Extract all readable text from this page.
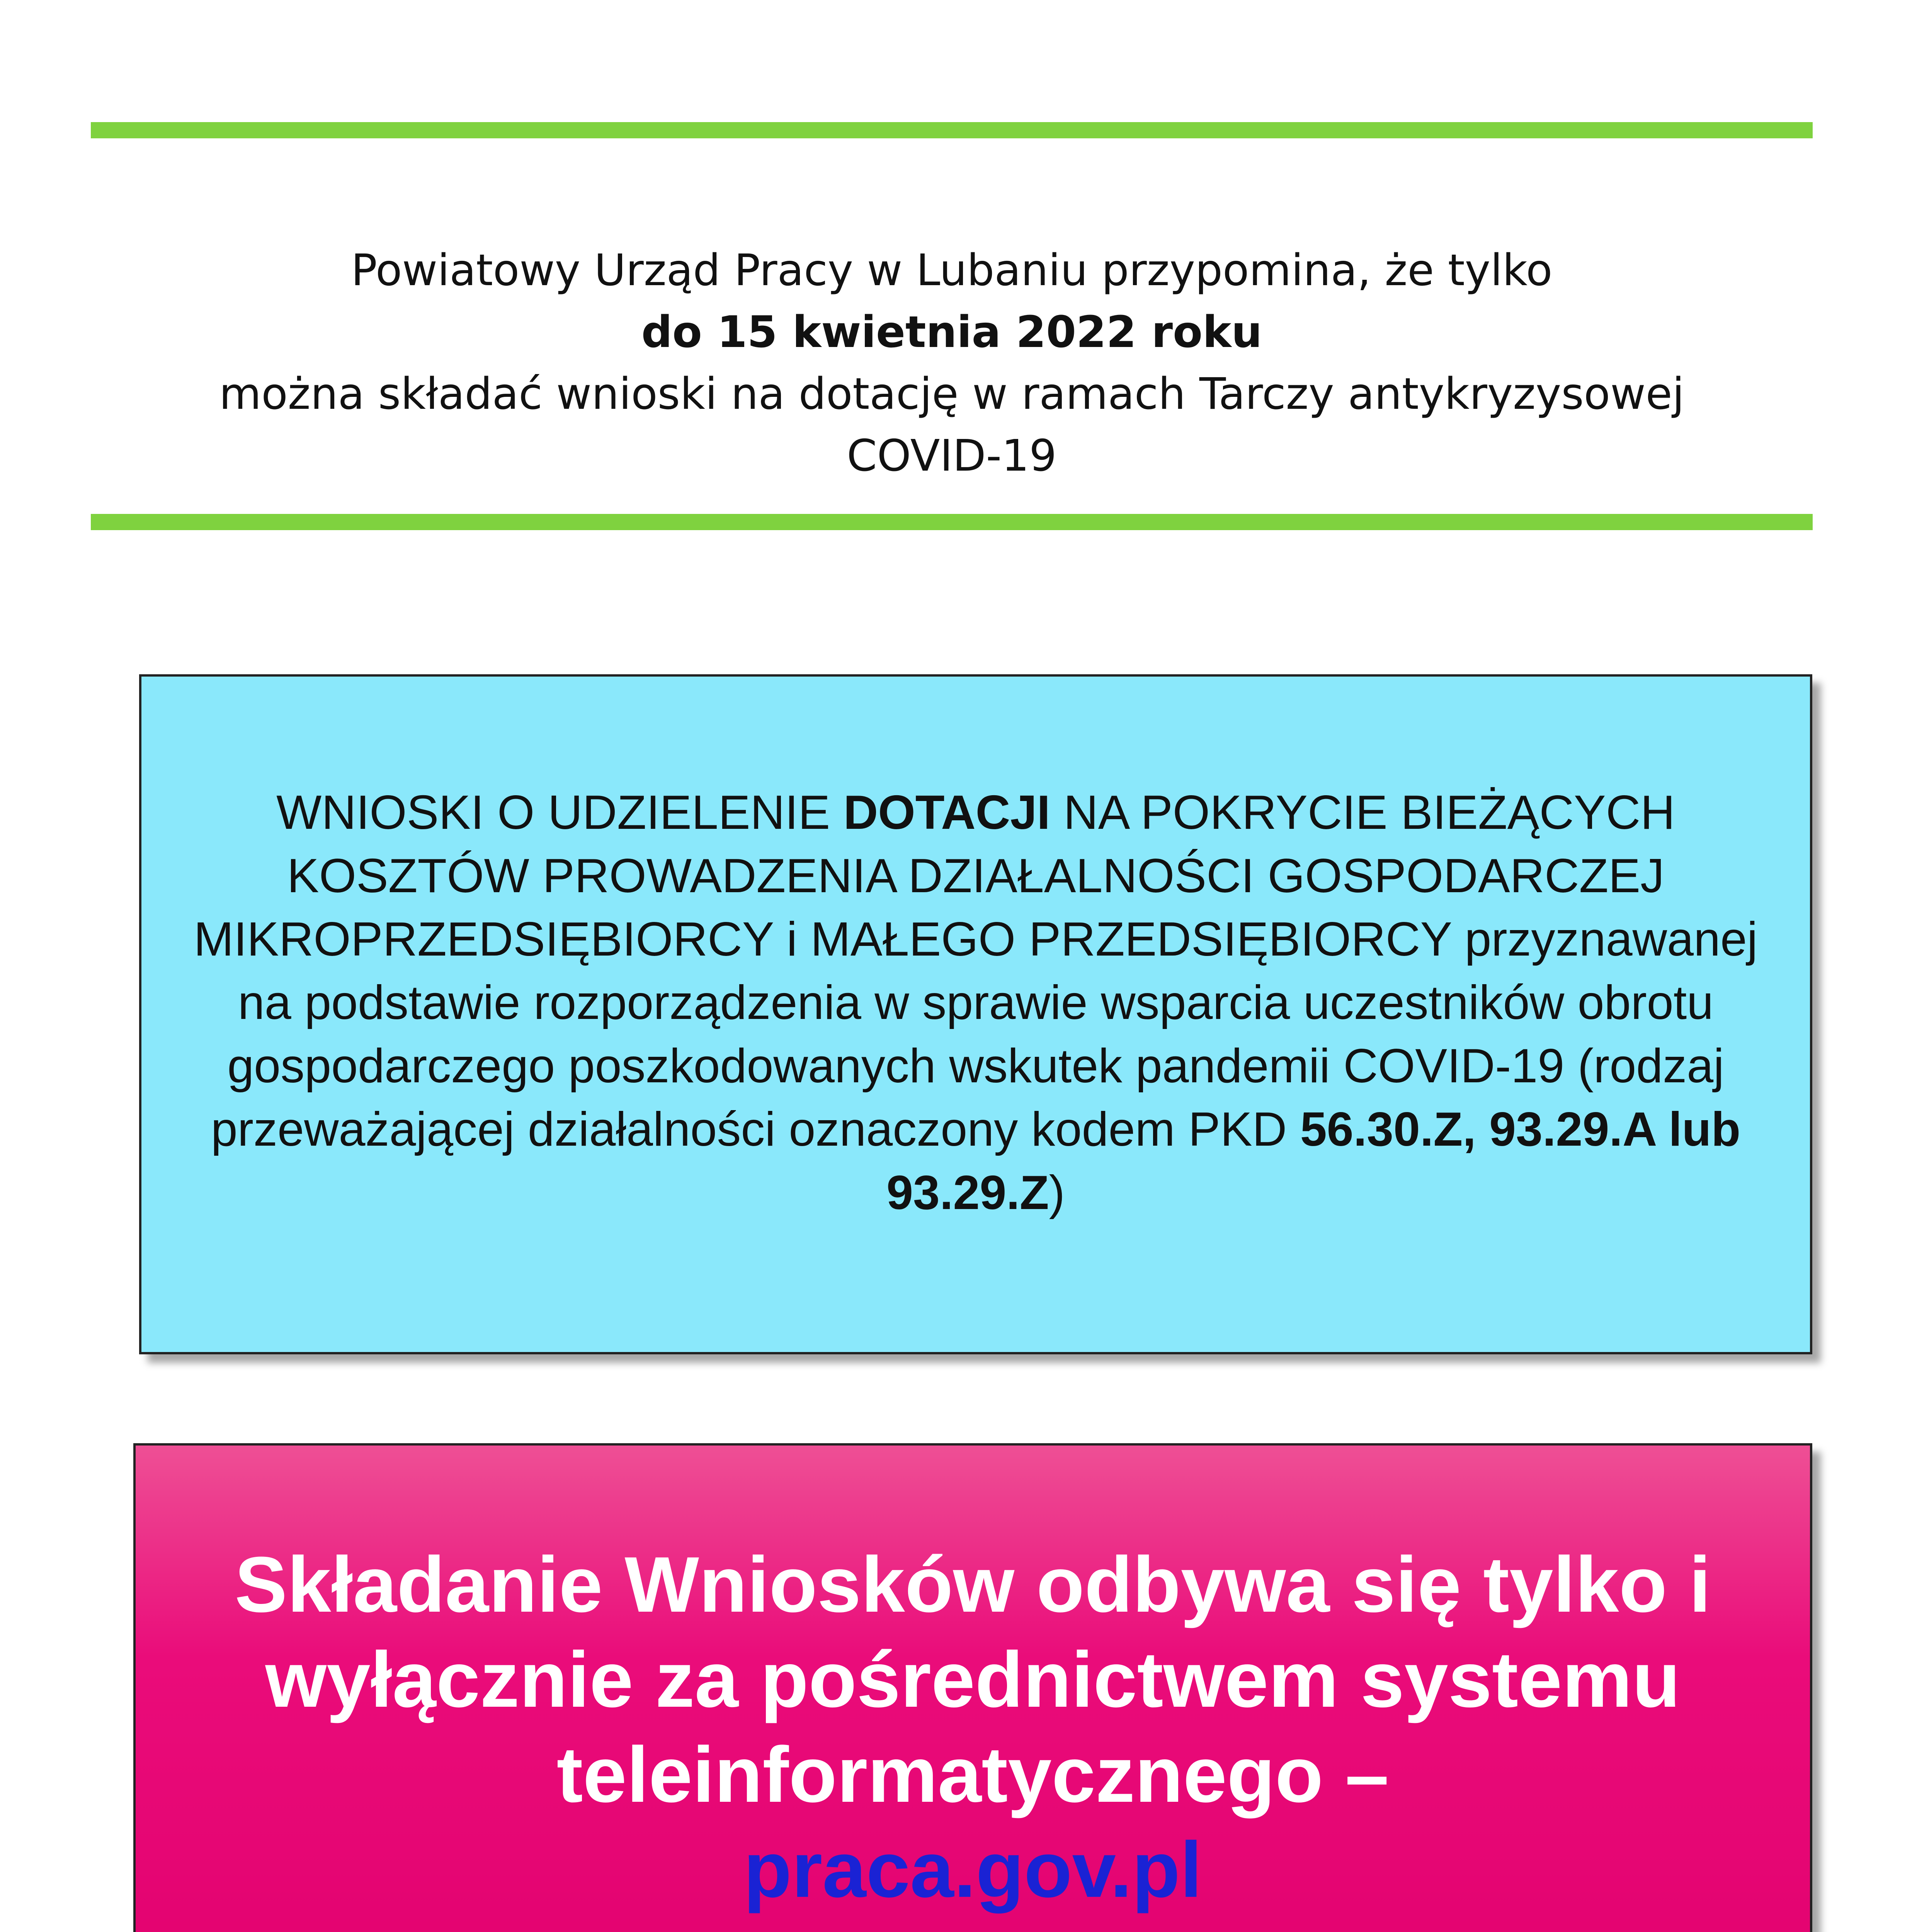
Powiatowy Urząd Pracy w Lubaniu przypomina, że tylko
do 15 kwietnia 2022 roku
można składać wnioski na dotację w ramach Tarczy antykryzysowej
COVID-19
WNIOSKI O UDZIELENIE DOTACJI NA POKRYCIE BIEŻĄCYCH KOSZTÓW PROWADZENIA DZIAŁALNOŚCI GOSPODARCZEJ MIKROPRZEDSIĘBIORCY i MAŁEGO PRZEDSIĘBIORCY przyznawanej na podstawie rozporządzenia w sprawie wsparcia uczestników obrotu gospodarczego poszkodowanych wskutek pandemii COVID-19 (rodzaj przeważającej działalności oznaczony kodem PKD 56.30.Z, 93.29.A lub 93.29.Z)
Składanie Wniosków odbywa się tylko i wyłącznie za pośrednictwem systemu teleinformatycznego –
praca.gov.pl
